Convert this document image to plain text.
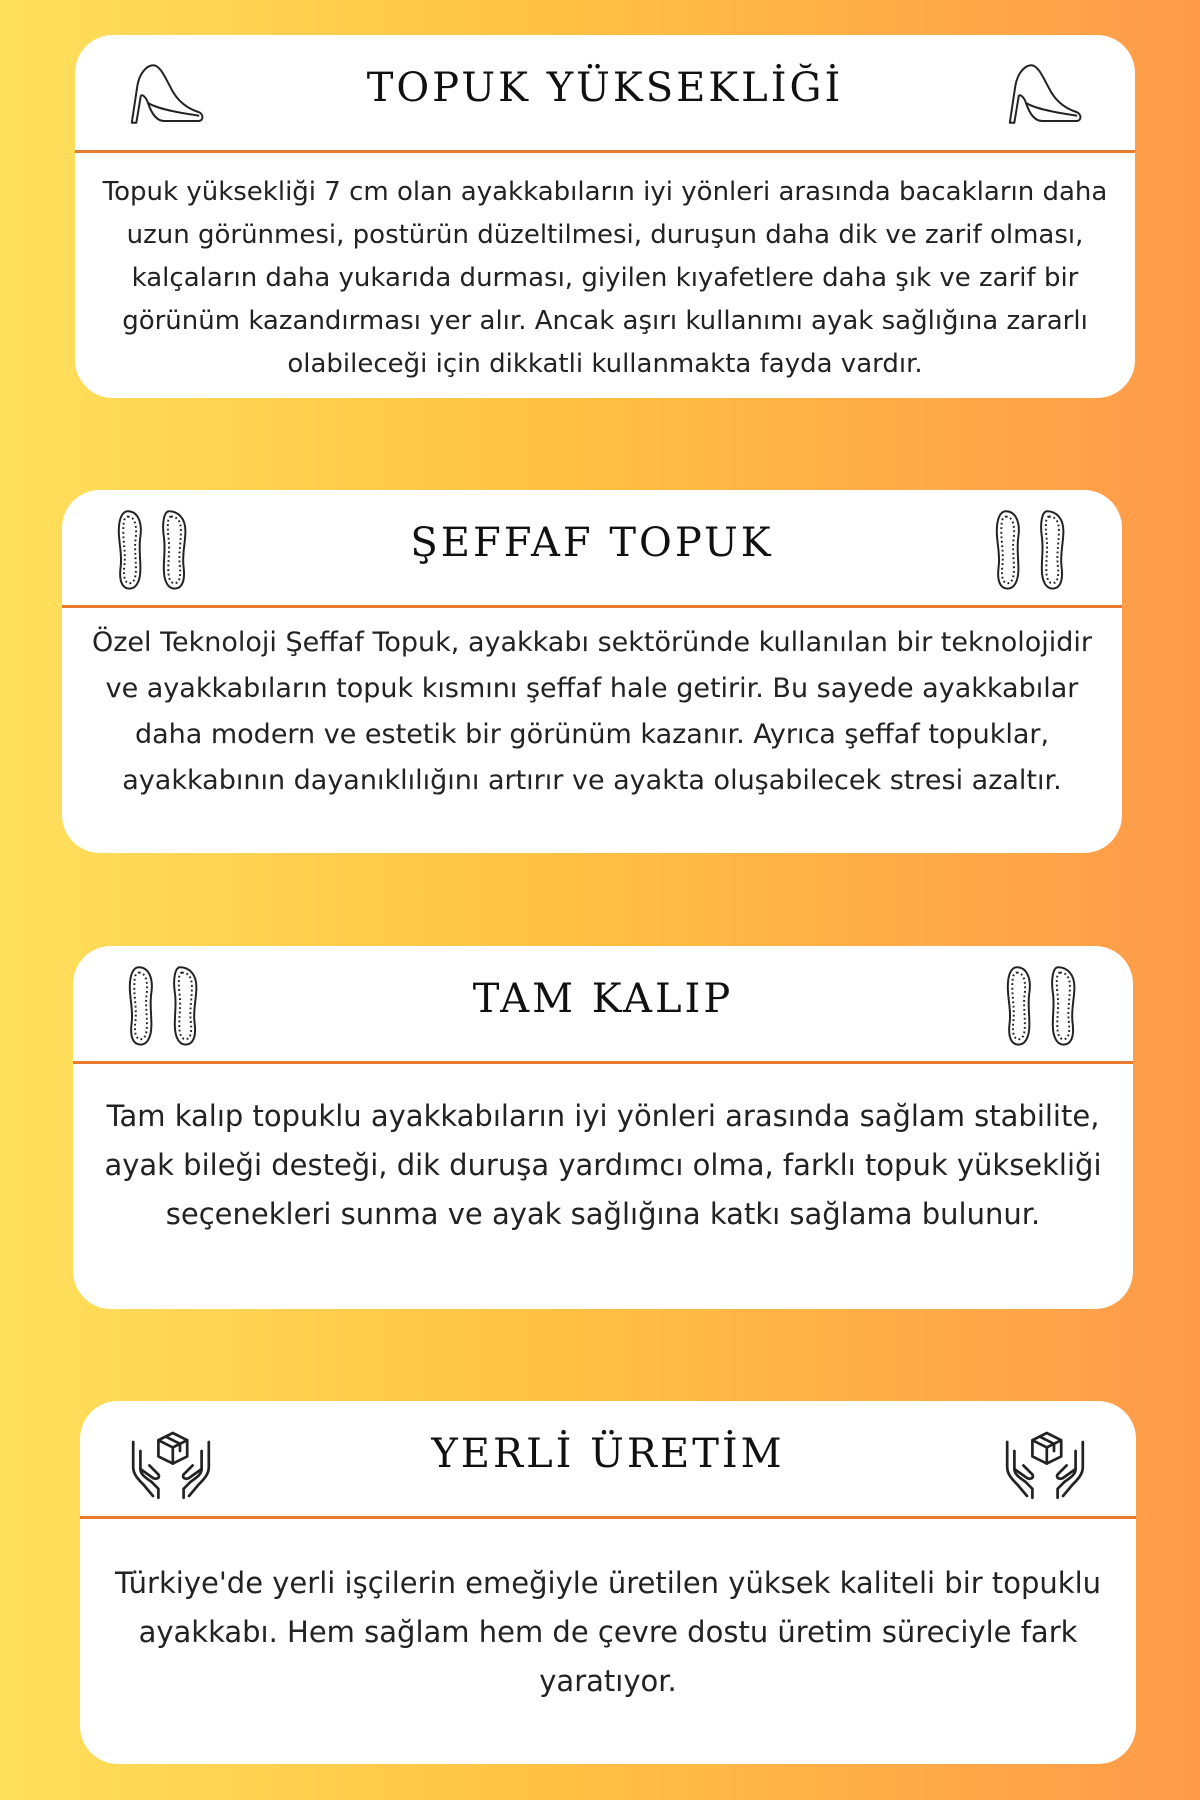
TOPUK YÜKSEKLİĞİ
Topuk yüksekliği 7 cm olan ayakkabıların iyi yönleri arasında bacakların daha uzun görünmesi, postürün düzeltilmesi, duruşun daha dik ve zarif olması, kalçaların daha yukarıda durması, giyilen kıyafetlere daha şık ve zarif bir görünüm kazandırması yer alır. Ancak aşırı kullanımı ayak sağlığına zararlı olabileceği için dikkatli kullanmakta fayda vardır.
ŞEFFAF TOPUK
Özel Teknoloji Şeffaf Topuk, ayakkabı sektöründe kullanılan bir teknolojidir ve ayakkabıların topuk kısmını şeffaf hale getirir. Bu sayede ayakkabılar daha modern ve estetik bir görünüm kazanır. Ayrıca şeffaf topuklar, ayakkabının dayanıklılığını artırır ve ayakta oluşabilecek stresi azaltır.
TAM KALIP
Tam kalıp topuklu ayakkabıların iyi yönleri arasında sağlam stabilite, ayak bileği desteği, dik duruşa yardımcı olma, farklı topuk yüksekliği seçenekleri sunma ve ayak sağlığına katkı sağlama bulunur.
YERLİ ÜRETİM
Türkiye'de yerli işçilerin emeğiyle üretilen yüksek kaliteli bir topuklu ayakkabı. Hem sağlam hem de çevre dostu üretim süreciyle fark yaratıyor.
